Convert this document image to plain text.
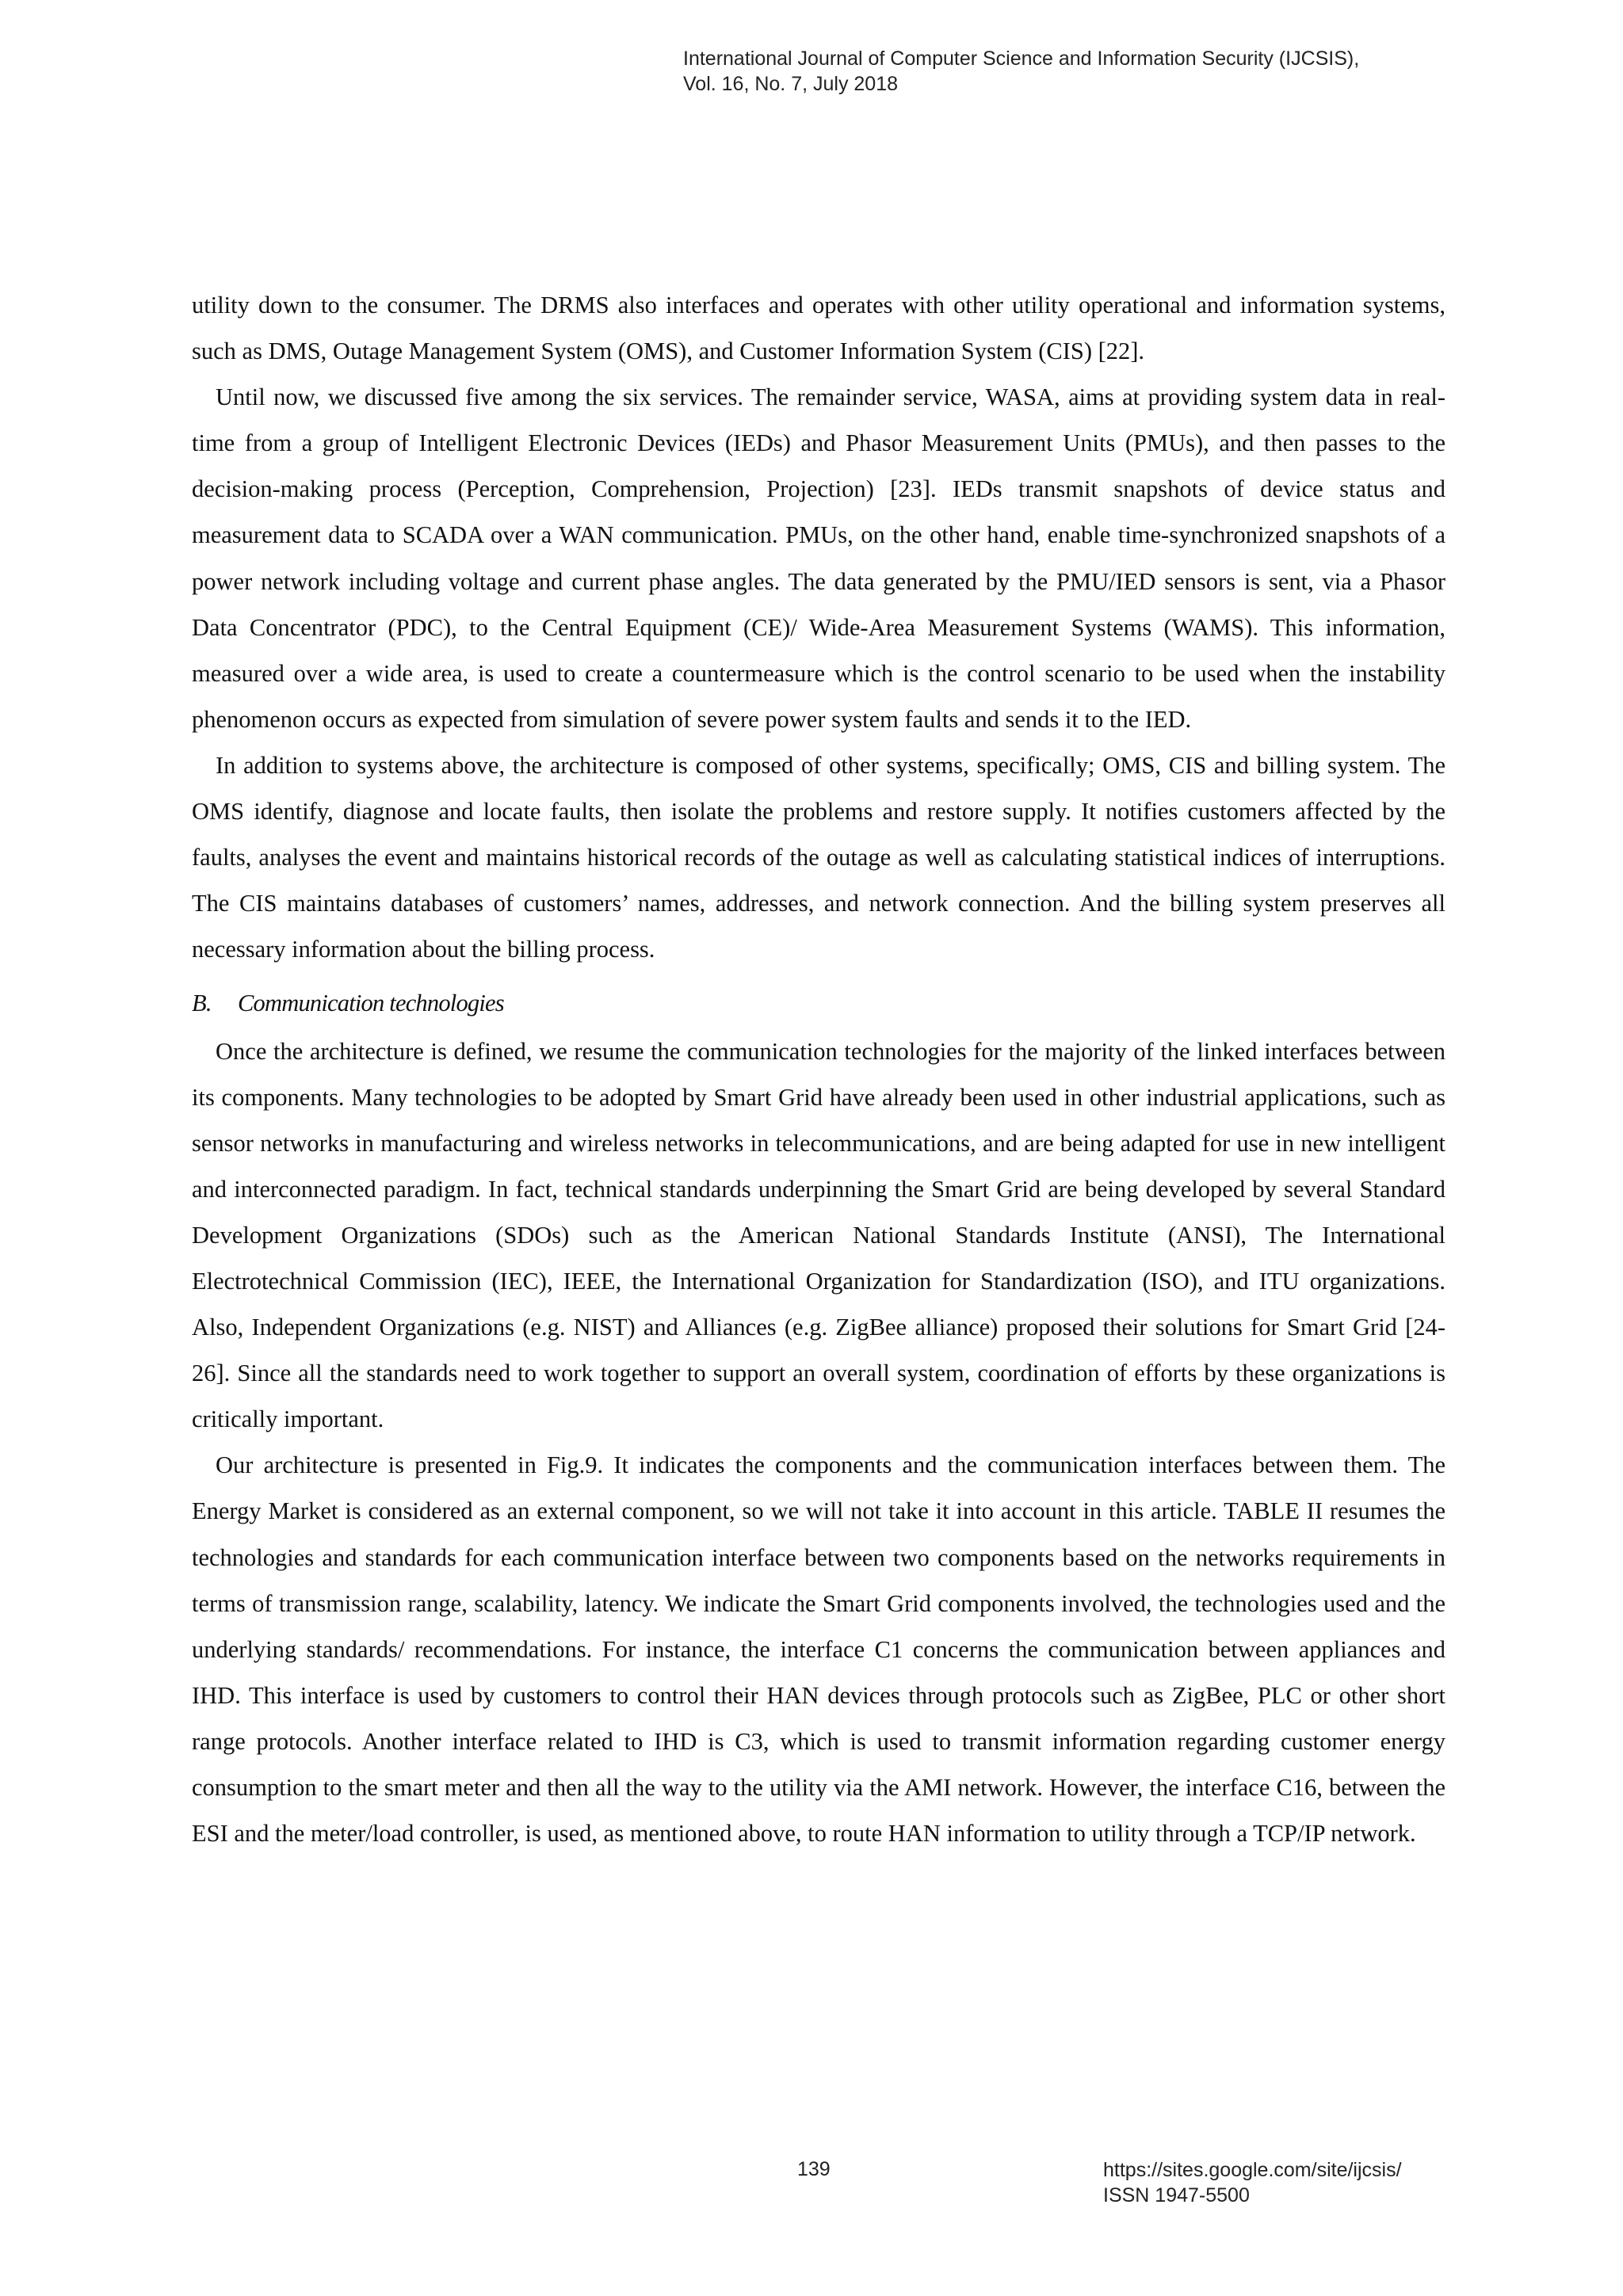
International Journal of Computer Science and Information Security (IJCSIS),
Vol. 16, No. 7, July 2018

utility down to the consumer. The DRMS also interfaces and operates with other utility operational and information systems, such as DMS, Outage Management System (OMS), and Customer Information System (CIS) [22].

Until now, we discussed five among the six services. The remainder service, WASA, aims at providing system data in real-time from a group of Intelligent Electronic Devices (IEDs) and Phasor Measurement Units (PMUs), and then passes to the decision-making process (Perception, Comprehension, Projection) [23]. IEDs transmit snapshots of device status and measurement data to SCADA over a WAN communication. PMUs, on the other hand, enable time-synchronized snapshots of a power network including voltage and current phase angles. The data generated by the PMU/IED sensors is sent, via a Phasor Data Concentrator (PDC), to the Central Equipment (CE)/ Wide-Area Measurement Systems (WAMS). This information, measured over a wide area, is used to create a countermeasure which is the control scenario to be used when the instability phenomenon occurs as expected from simulation of severe power system faults and sends it to the IED.

In addition to systems above, the architecture is composed of other systems, specifically; OMS, CIS and billing system. The OMS identify, diagnose and locate faults, then isolate the problems and restore supply. It notifies customers affected by the faults, analyses the event and maintains historical records of the outage as well as calculating statistical indices of interruptions. The CIS maintains databases of customers’ names, addresses, and network connection. And the billing system preserves all necessary information about the billing process.

B. Communication technologies

Once the architecture is defined, we resume the communication technologies for the majority of the linked interfaces between its components. Many technologies to be adopted by Smart Grid have already been used in other industrial applications, such as sensor networks in manufacturing and wireless networks in telecommunications, and are being adapted for use in new intelligent and interconnected paradigm. In fact, technical standards underpinning the Smart Grid are being developed by several Standard Development Organizations (SDOs) such as the American National Standards Institute (ANSI), The International Electrotechnical Commission (IEC), IEEE, the International Organization for Standardization (ISO), and ITU organizations. Also, Independent Organizations (e.g. NIST) and Alliances (e.g. ZigBee alliance) proposed their solutions for Smart Grid [24-26]. Since all the standards need to work together to support an overall system, coordination of efforts by these organizations is critically important.

Our architecture is presented in Fig.9. It indicates the components and the communication interfaces between them. The Energy Market is considered as an external component, so we will not take it into account in this article. TABLE II resumes the technologies and standards for each communication interface between two components based on the networks requirements in terms of transmission range, scalability, latency. We indicate the Smart Grid components involved, the technologies used and the underlying standards/ recommendations. For instance, the interface C1 concerns the communication between appliances and IHD. This interface is used by customers to control their HAN devices through protocols such as ZigBee, PLC or other short range protocols. Another interface related to IHD is C3, which is used to transmit information regarding customer energy consumption to the smart meter and then all the way to the utility via the AMI network. However, the interface C16, between the ESI and the meter/load controller, is used, as mentioned above, to route HAN information to utility through a TCP/IP network.

139	https://sites.google.com/site/ijcsis/
ISSN 1947-5500
